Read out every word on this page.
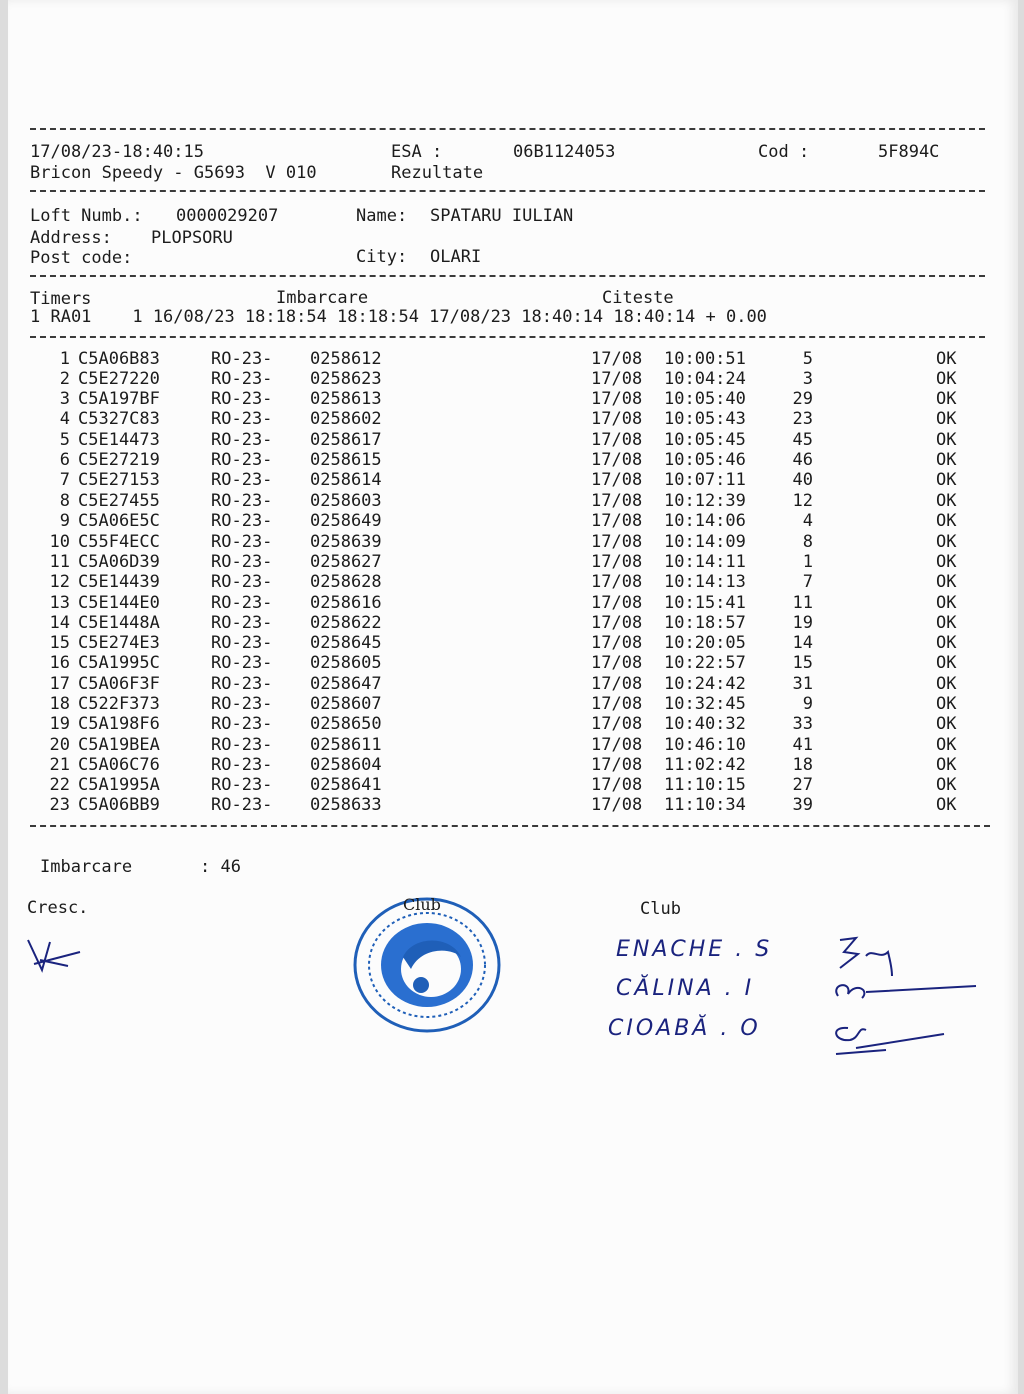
17/08/23-18:40:15	ESA :	06B1124053	Cod :	5F894C
Bricon Speedy - G5693  V 010	Rezultate
Loft Numb.: 0000029207	Name: SPATARU IULIAN
Address: PLOPSORU
Post code:	City: OLARI
Timers	Imbarcare	Citeste
1 RA01    1 16/08/23 18:18:54 18:18:54 17/08/23 18:40:14 18:40:14 + 0.00
1 C5A06B83	RO-23- 0258612	17/08 10:00:51	5	OK
2 C5E27220	RO-23- 0258623	17/08 10:04:24	3	OK
3 C5A197BF	RO-23- 0258613	17/08 10:05:40	29	OK
4 C5327C83	RO-23- 0258602	17/08 10:05:43	23	OK
5 C5E14473	RO-23- 0258617	17/08 10:05:45	45	OK
6 C5E27219	RO-23- 0258615	17/08 10:05:46	46	OK
7 C5E27153	RO-23- 0258614	17/08 10:07:11	40	OK
8 C5E27455	RO-23- 0258603	17/08 10:12:39	12	OK
9 C5A06E5C	RO-23- 0258649	17/08 10:14:06	4	OK
10 C55F4ECC	RO-23- 0258639	17/08 10:14:09	8	OK
11 C5A06D39	RO-23- 0258627	17/08 10:14:11	1	OK
12 C5E14439	RO-23- 0258628	17/08 10:14:13	7	OK
13 C5E144E0	RO-23- 0258616	17/08 10:15:41	11	OK
14 C5E1448A	RO-23- 0258622	17/08 10:18:57	19	OK
15 C5E274E3	RO-23- 0258645	17/08 10:20:05	14	OK
16 C5A1995C	RO-23- 0258605	17/08 10:22:57	15	OK
17 C5A06F3F	RO-23- 0258647	17/08 10:24:42	31	OK
18 C522F373	RO-23- 0258607	17/08 10:32:45	9	OK
19 C5A198F6	RO-23- 0258650	17/08 10:40:32	33	OK
20 C5A19BEA	RO-23- 0258611	17/08 10:46:10	41	OK
21 C5A06C76	RO-23- 0258604	17/08 11:02:42	18	OK
22 C5A1995A	RO-23- 0258641	17/08 11:10:15	27	OK
23 C5A06BB9	RO-23- 0258633	17/08 11:10:34	39	OK
Imbarcare	: 46
Cresc.	Club
Club
ENACHE . S
CĂLINA . I
CIOABĂ . O
